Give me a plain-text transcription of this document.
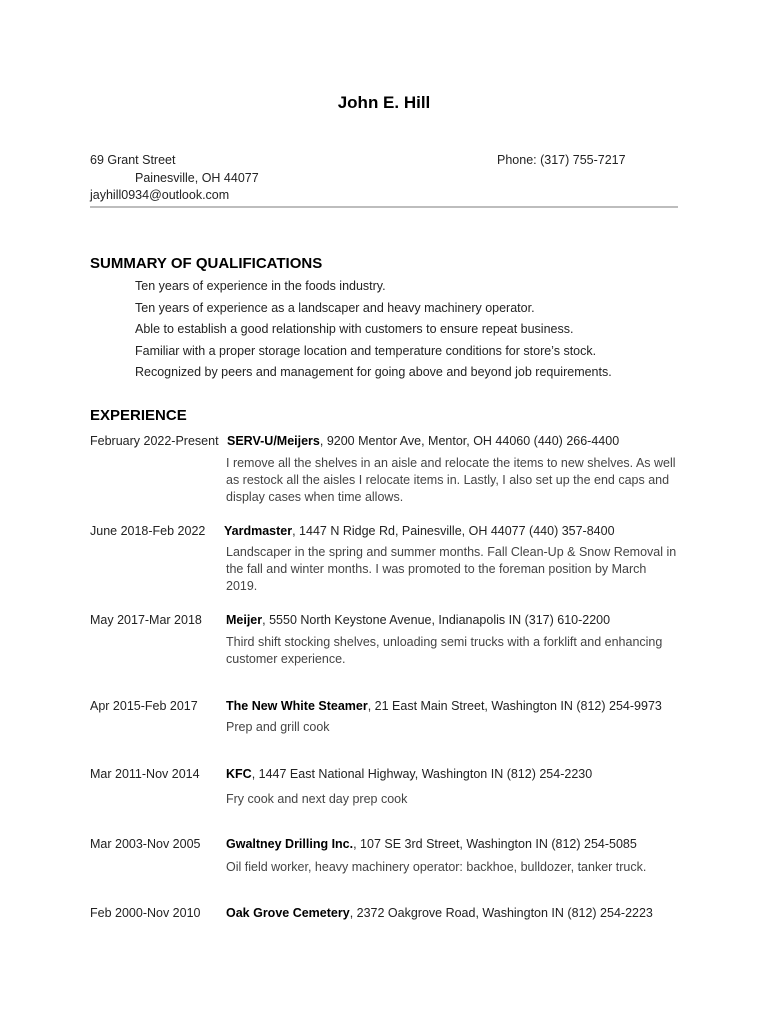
John E. Hill
69 Grant Street	Phone: (317) 755-7217
Painesville, OH 44077
jayhill0934@outlook.com
SUMMARY OF QUALIFICATIONS
Ten years of experience in the foods industry.
Ten years of experience as a landscaper and heavy machinery operator.
Able to establish a good relationship with customers to ensure repeat business.
Familiar with a proper storage location and temperature conditions for store’s stock.
Recognized by peers and management for going above and beyond job requirements.
EXPERIENCE
February 2022-Present SERV-U/Meijers, 9200 Mentor Ave, Mentor, OH 44060 (440) 266-4400
I remove all the shelves in an aisle and relocate the items to new shelves. As well as restock all the aisles I relocate items in. Lastly, I also set up the end caps and display cases when time allows.
June 2018-Feb 2022 Yardmaster, 1447 N Ridge Rd, Painesville, OH 44077 (440) 357-8400
Landscaper in the spring and summer months. Fall Clean-Up & Snow Removal in the fall and winter months. I was promoted to the foreman position by March 2019.
May 2017-Mar 2018 Meijer, 5550 North Keystone Avenue, Indianapolis IN (317) 610-2200
Third shift stocking shelves, unloading semi trucks with a forklift and enhancing customer experience.
Apr 2015-Feb 2017 The New White Steamer, 21 East Main Street, Washington IN (812) 254-9973
Prep and grill cook
Mar 2011-Nov 2014 KFC, 1447 East National Highway, Washington IN (812) 254-2230
Fry cook and next day prep cook
Mar 2003-Nov 2005 Gwaltney Drilling Inc., 107 SE 3rd Street, Washington IN (812) 254-5085
Oil field worker, heavy machinery operator: backhoe, bulldozer, tanker truck.
Feb 2000-Nov 2010 Oak Grove Cemetery, 2372 Oakgrove Road, Washington IN (812) 254-2223
